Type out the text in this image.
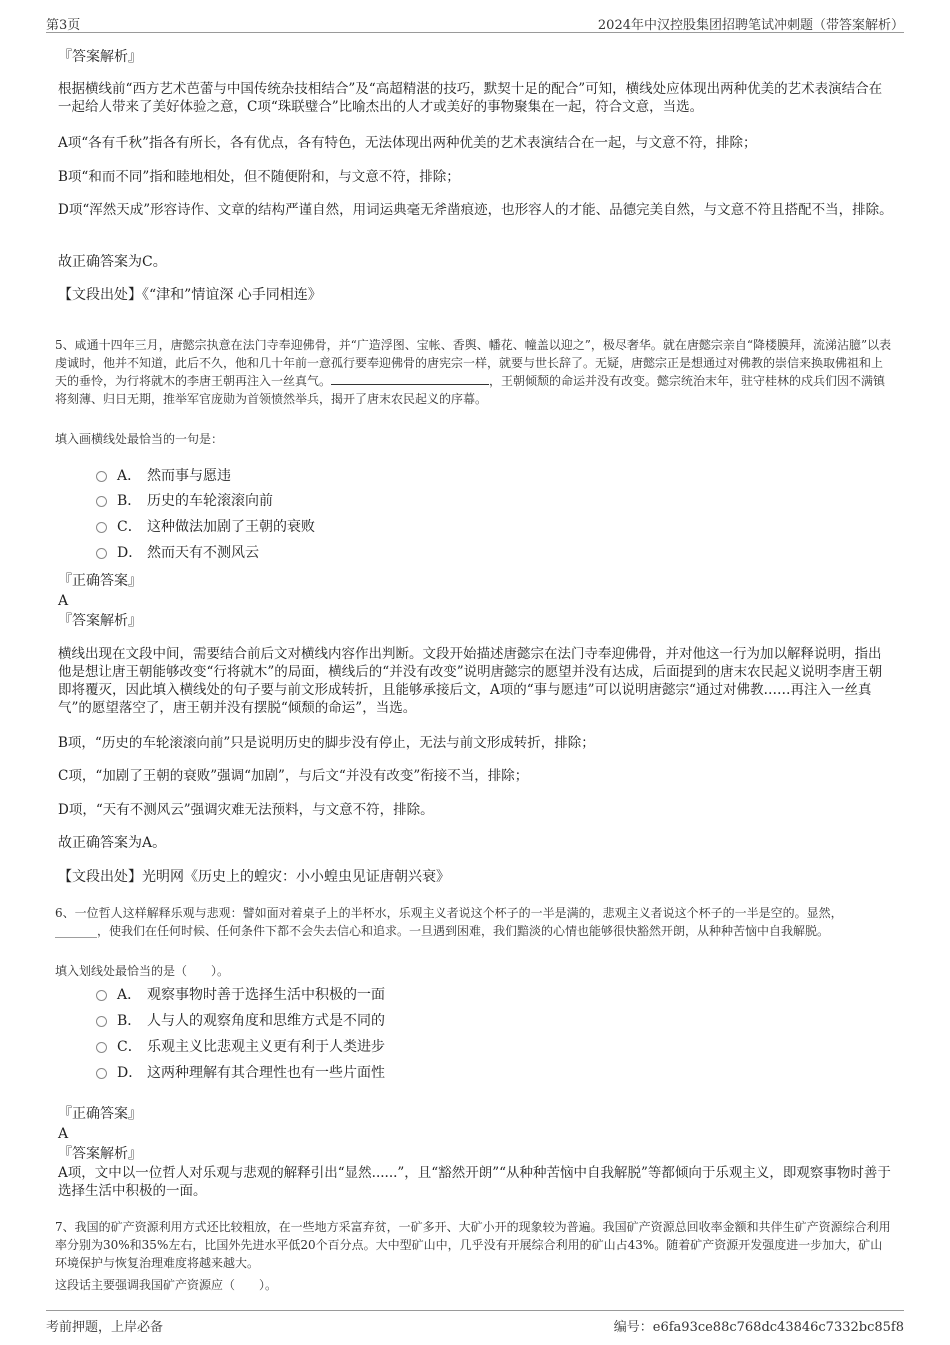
第3页	2024年中汉控股集团招聘笔试冲刺题（带答案解析）
『答案解析』
根据横线前“西方艺术芭蕾与中国传统杂技相结合”及“高超精湛的技巧，默契十足的配合”可知，横线处应体现出两种优美的艺术表演结合在一起给人带来了美好体验之意，C项“珠联璧合”比喻杰出的人才或美好的事物聚集在一起，符合文意，当选。
A项“各有千秋”指各有所长，各有优点，各有特色，无法体现出两种优美的艺术表演结合在一起，与文意不符，排除；
B项“和而不同”指和睦地相处，但不随便附和，与文意不符，排除；
D项“浑然天成”形容诗作、文章的结构严谨自然，用词运典毫无斧凿痕迹，也形容人的才能、品德完美自然，与文意不符且搭配不当，排除。
故正确答案为C。
【文段出处】《“津和”情谊深 心手同相连》
5、咸通十四年三月，唐懿宗执意在法门寺奉迎佛骨，并“广造浮图、宝帐、香舆、幡花、幢盖以迎之”，极尽奢华。就在唐懿宗亲自“降楼膜拜，流涕沾臆”以表虔诚时，他并不知道，此后不久，他和几十年前一意孤行要奉迎佛骨的唐宪宗一样，就要与世长辞了。无疑，唐懿宗正是想通过对佛教的崇信来换取佛祖和上天的垂怜，为行将就木的李唐王朝再注入一丝真气。	，王朝倾颓的命运并没有改变。懿宗统治末年，驻守桂林的戍兵们因不满镇将刻薄、归日无期，推举军官庞勋为首领愤然举兵，揭开了唐末农民起义的序幕。
填入画横线处最恰当的一句是：
A． 然而事与愿违
B． 历史的车轮滚滚向前
C． 这种做法加剧了王朝的衰败
D． 然而天有不测风云
『正确答案』
A
『答案解析』
横线出现在文段中间，需要结合前后文对横线内容作出判断。文段开始描述唐懿宗在法门寺奉迎佛骨，并对他这一行为加以解释说明，指出他是想让唐王朝能够改变“行将就木”的局面，横线后的“并没有改变”说明唐懿宗的愿望并没有达成，后面提到的唐末农民起义说明李唐王朝即将覆灭，因此填入横线处的句子要与前文形成转折，且能够承接后文，A项的“事与愿违”可以说明唐懿宗“通过对佛教……再注入一丝真气”的愿望落空了，唐王朝并没有摆脱“倾颓的命运”，当选。
B项，“历史的车轮滚滚向前”只是说明历史的脚步没有停止，无法与前文形成转折，排除；
C项，“加剧了王朝的衰败”强调“加剧”，与后文“并没有改变”衔接不当，排除；
D项，“天有不测风云”强调灾难无法预料，与文意不符，排除。
故正确答案为A。
【文段出处】光明网《历史上的蝗灾：小小蝗虫见证唐朝兴衰》
6、一位哲人这样解释乐观与悲观：譬如面对着桌子上的半杯水，乐观主义者说这个杯子的一半是满的，悲观主义者说这个杯子的一半是空的。显然，_______，使我们在任何时候、任何条件下都不会失去信心和追求。一旦遇到困难，我们黯淡的心情也能够很快豁然开朗，从种种苦恼中自我解脱。
填入划线处最恰当的是（　　）。
A． 观察事物时善于选择生活中积极的一面
B． 人与人的观察角度和思维方式是不同的
C． 乐观主义比悲观主义更有利于人类进步
D． 这两种理解有其合理性也有一些片面性
『正确答案』
A
『答案解析』
A项，文中以一位哲人对乐观与悲观的解释引出“显然......”，且“豁然开朗”“从种种苦恼中自我解脱”等都倾向于乐观主义，即观察事物时善于选择生活中积极的一面。
7、我国的矿产资源利用方式还比较粗放，在一些地方采富弃贫，一矿多开、大矿小开的现象较为普遍。我国矿产资源总回收率金额和共伴生矿产资源综合利用率分别为30%和35%左右，比国外先进水平低20个百分点。大中型矿山中，几乎没有开展综合利用的矿山占43%。随着矿产资源开发强度进一步加大，矿山环境保护与恢复治理难度将越来越大。
这段话主要强调我国矿产资源应（　　）。
考前押题，上岸必备	编号：e6fa93ce88c768dc43846c7332bc85f8
